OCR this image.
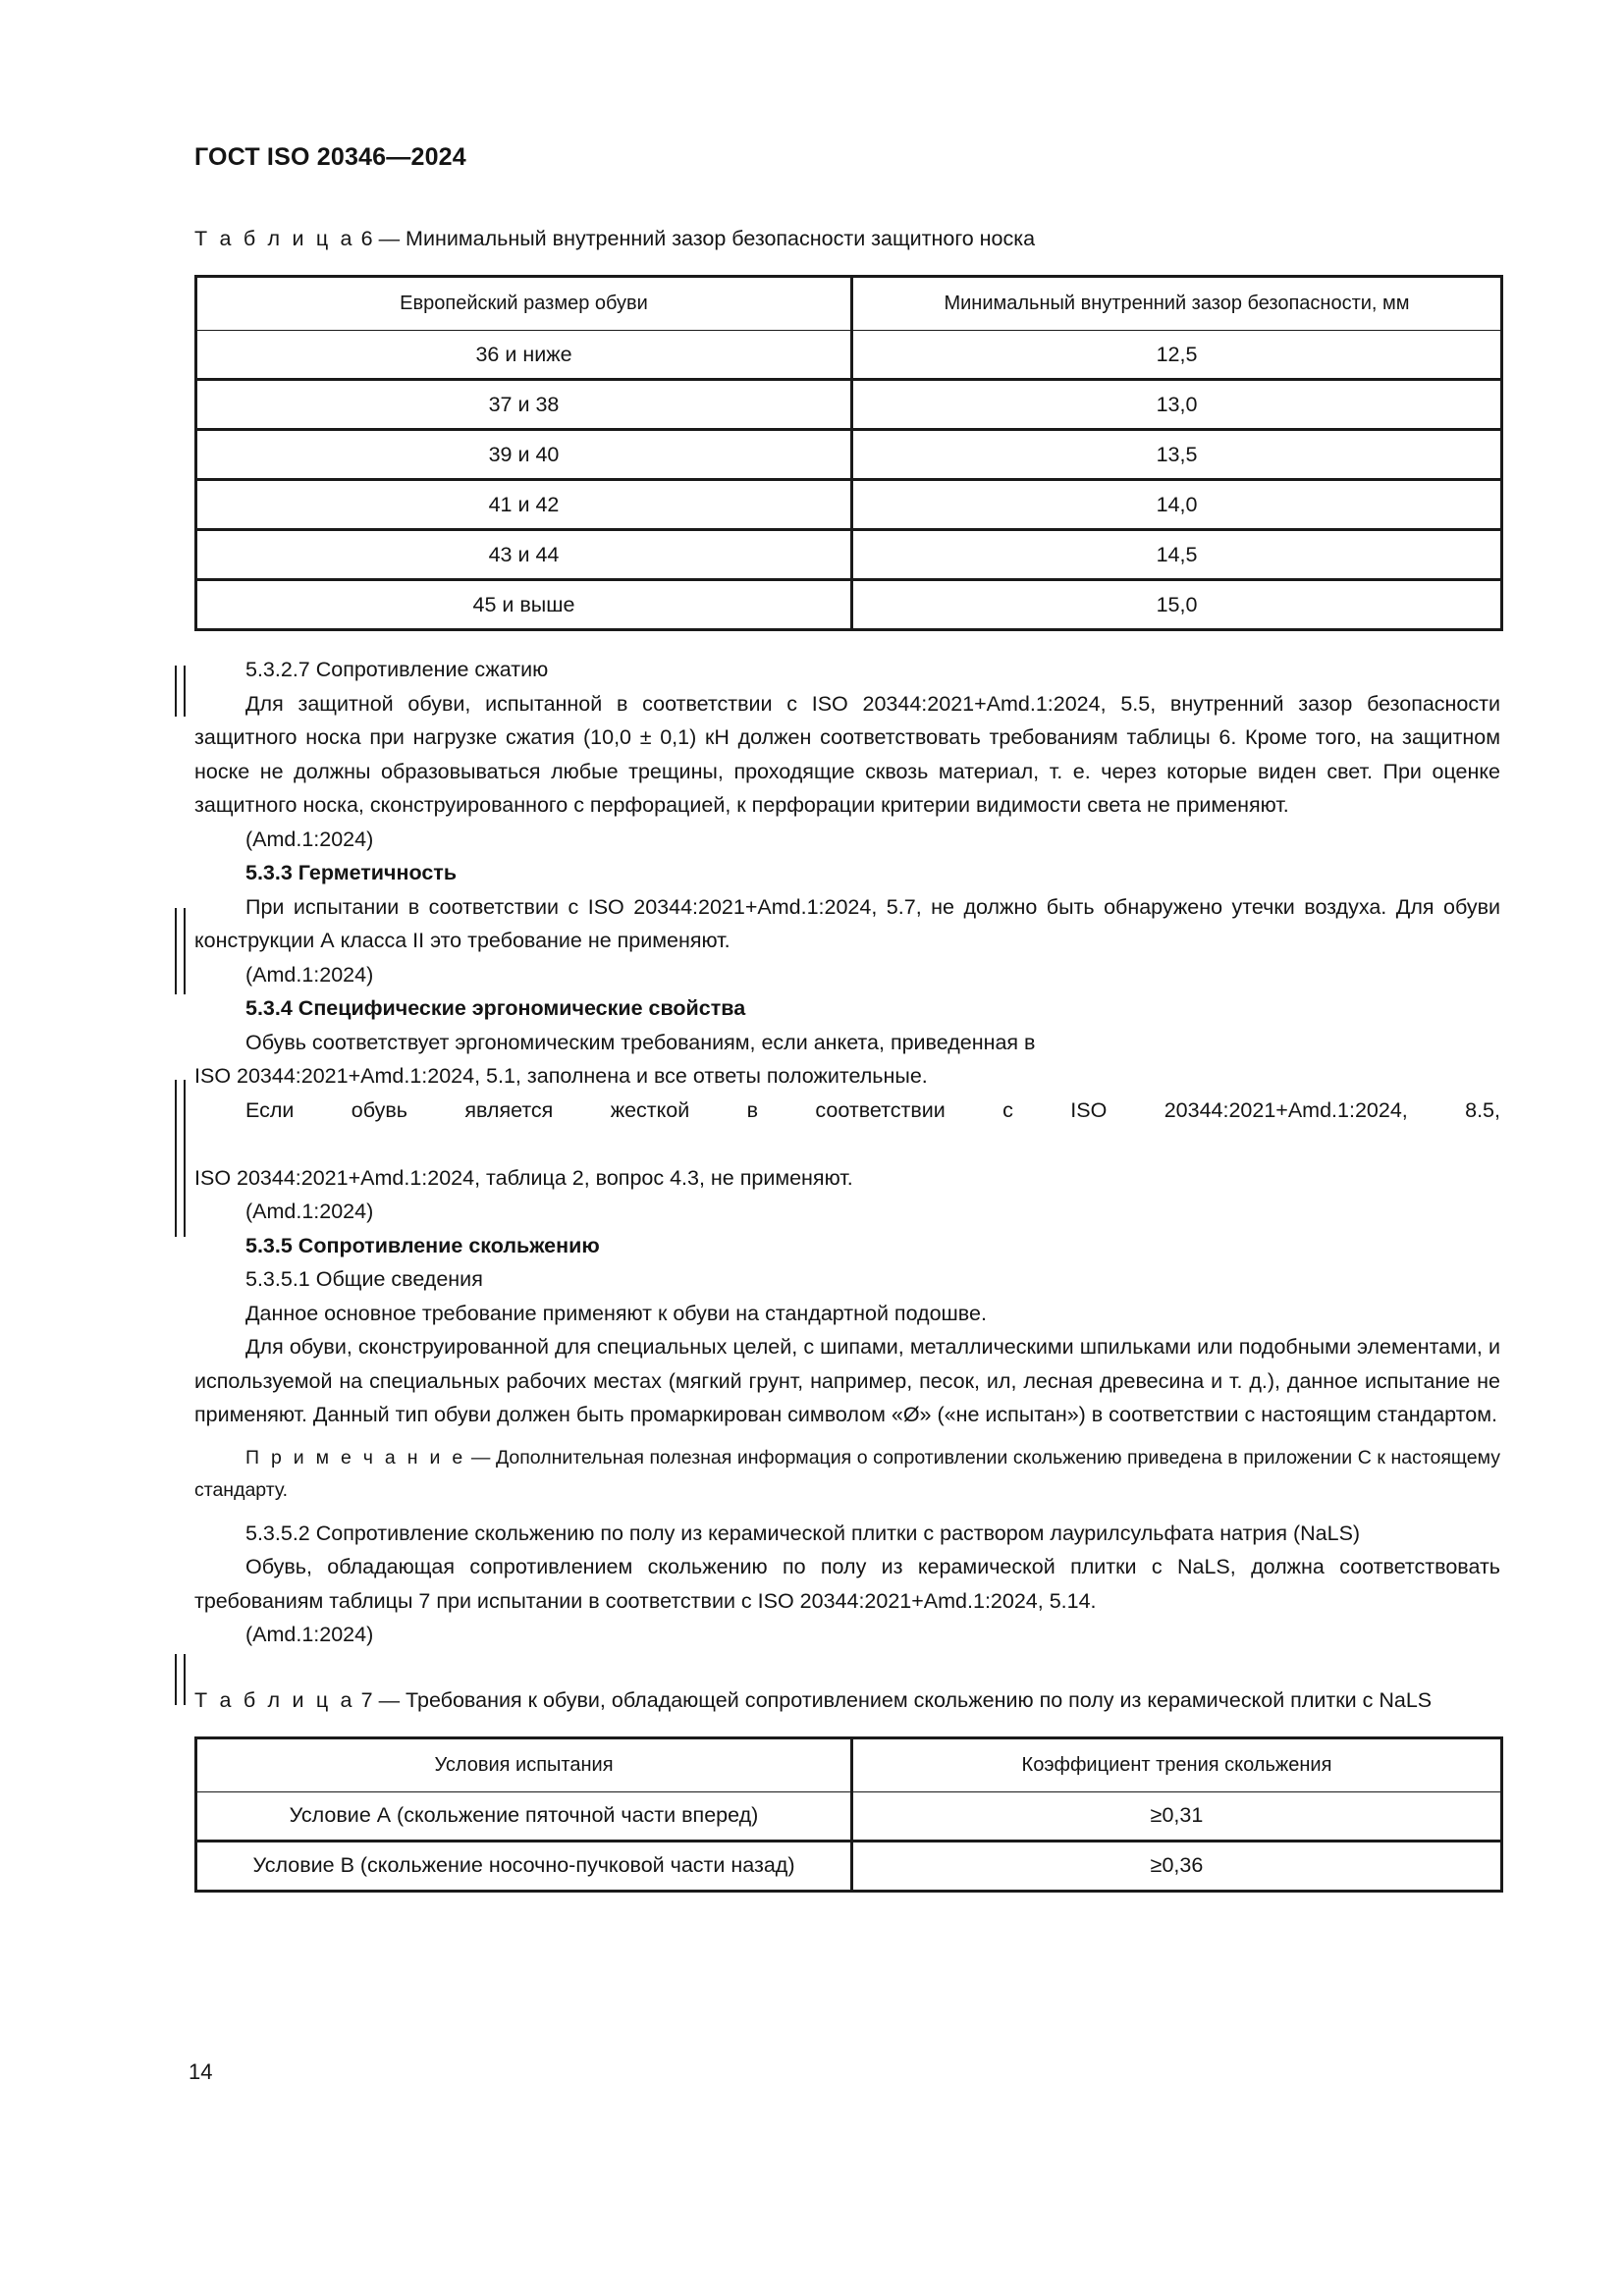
ГОСТ ISO 20346—2024
Т а б л и ц а 6 — Минимальный внутренний зазор безопасности защитного носка
Европейский размер обуви	Минимальный внутренний зазор безопасности, мм
36 и ниже	12,5
37 и 38	13,0
39 и 40	13,5
41 и 42	14,0
43 и 44	14,5
45 и выше	15,0

5.3.2.7 Сопротивление сжатию

Для защитной обуви, испытанной в соответствии с ISO 20344:2021+Amd.1:2024, 5.5, внутренний зазор безопасности защитного носка при нагрузке сжатия (10,0 ± 0,1) кН должен соответствовать требованиям таблицы 6. Кроме того, на защитном носке не должны образовываться любые трещины, проходящие сквозь материал, т. е. через которые виден свет. При оценке защитного носка, сконструированного с перфорацией, к перфорации критерии видимости света не применяют.

(Amd.1:2024)

5.3.3 Герметичность

При испытании в соответствии с ISO 20344:2021+Amd.1:2024, 5.7, не должно быть обнаружено утечки воздуха. Для обуви конструкции А класса II это требование не применяют.

(Amd.1:2024)

5.3.4 Специфические эргономические свойства

Обувь соответствует эргономическим требованиям, если анкета, приведенная в

ISO 20344:2021+Amd.1:2024, 5.1, заполнена и все ответы положительные.

Если обувь является жесткой в соответствии с ISO 20344:2021+Amd.1:2024, 8.5,

ISO 20344:2021+Amd.1:2024, таблица 2, вопрос 4.3, не применяют.

(Amd.1:2024)

5.3.5 Сопротивление скольжению

5.3.5.1 Общие сведения

Данное основное требование применяют к обуви на стандартной подошве.

Для обуви, сконструированной для специальных целей, с шипами, металлическими шпильками или подобными элементами, и используемой на специальных рабочих местах (мягкий грунт, например, песок, ил, лесная древесина и т. д.), данное испытание не применяют. Данный тип обуви должен быть промаркирован символом «Ø» («не испытан») в соответствии с настоящим стандартом.

П р и м е ч а н и е — Дополнительная полезная информация о сопротивлении скольжению приведена в приложении С к настоящему стандарту.

5.3.5.2 Сопротивление скольжению по полу из керамической плитки с раствором лаурилсульфата натрия (NaLS)

Обувь, обладающая сопротивлением скольжению по полу из керамической плитки с NaLS, должна соответствовать требованиям таблицы 7 при испытании в соответствии с ISO 20344:2021+Amd.1:2024, 5.14.

(Amd.1:2024)

Т а б л и ц а 7 — Требования к обуви, обладающей сопротивлением скольжению по полу из керамической плитки с NaLS
Условия испытания	Коэффициент трения скольжения
Условие А (скольжение пяточной части вперед)	≥0,31
Условие В (скольжение носочно-пучковой части назад)	≥0,36
14
